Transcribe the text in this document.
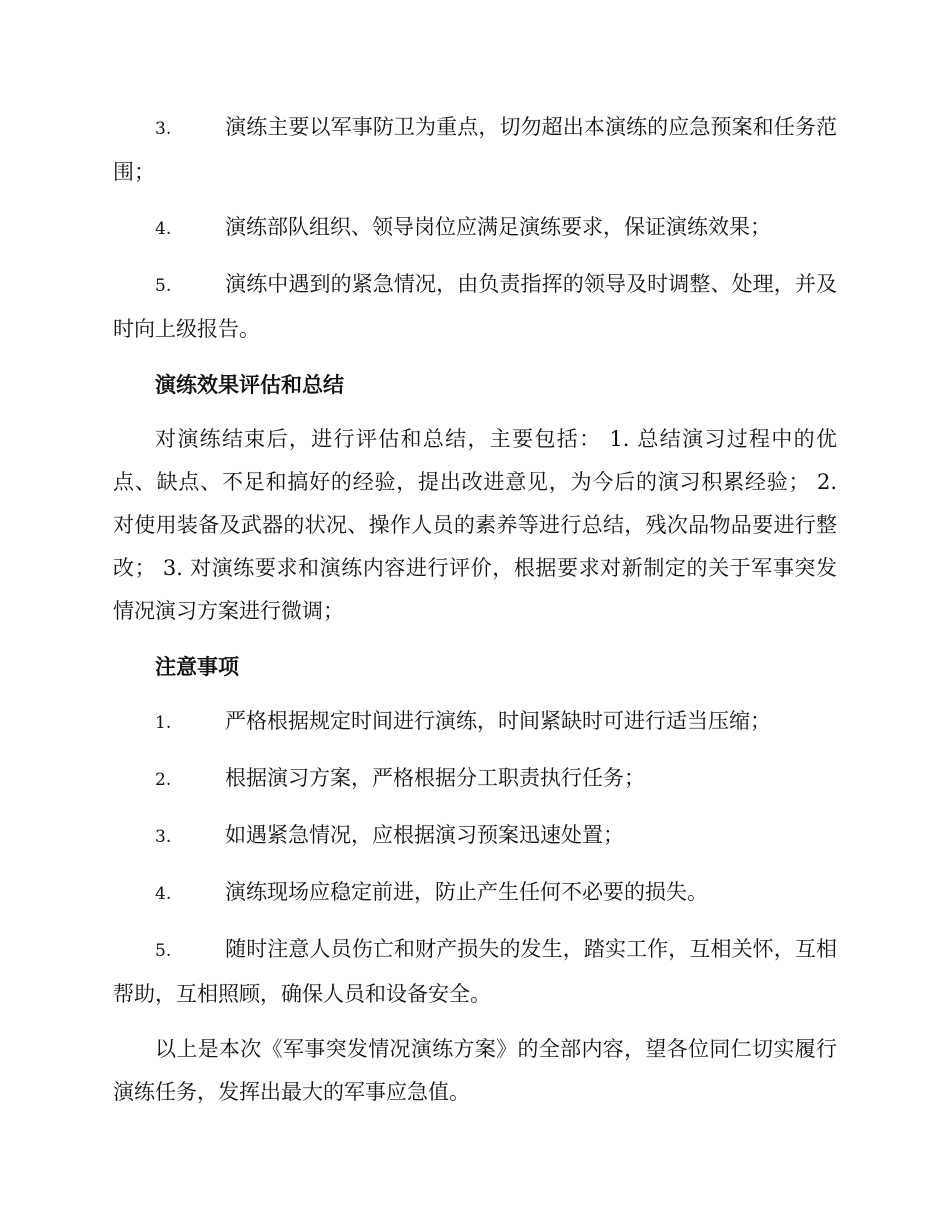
3.	演练主要以军事防卫为重点，切勿超出本演练的应急预案和任务范围；

4.	演练部队组织、领导岗位应满足演练要求，保证演练效果；

5.	演练中遇到的紧急情况，由负责指挥的领导及时调整、处理，并及时向上级报告。

演练效果评估和总结

对演练结束后，进行评估和总结，主要包括： 1. 总结演习过程中的优点、缺点、不足和搞好的经验，提出改进意见，为今后的演习积累经验； 2. 对使用装备及武器的状况、操作人员的素养等进行总结，残次品物品要进行整改； 3. 对演练要求和演练内容进行评价，根据要求对新制定的关于军事突发情况演习方案进行微调；

注意事项

1.	严格根据规定时间进行演练，时间紧缺时可进行适当压缩；

2.	根据演习方案，严格根据分工职责执行任务；

3.	如遇紧急情况，应根据演习预案迅速处置；

4.	演练现场应稳定前进，防止产生任何不必要的损失。

5.	随时注意人员伤亡和财产损失的发生，踏实工作，互相关怀，互相帮助，互相照顾，确保人员和设备安全。

以上是本次《军事突发情况演练方案》的全部内容，望各位同仁切实履行演练任务，发挥出最大的军事应急值。
